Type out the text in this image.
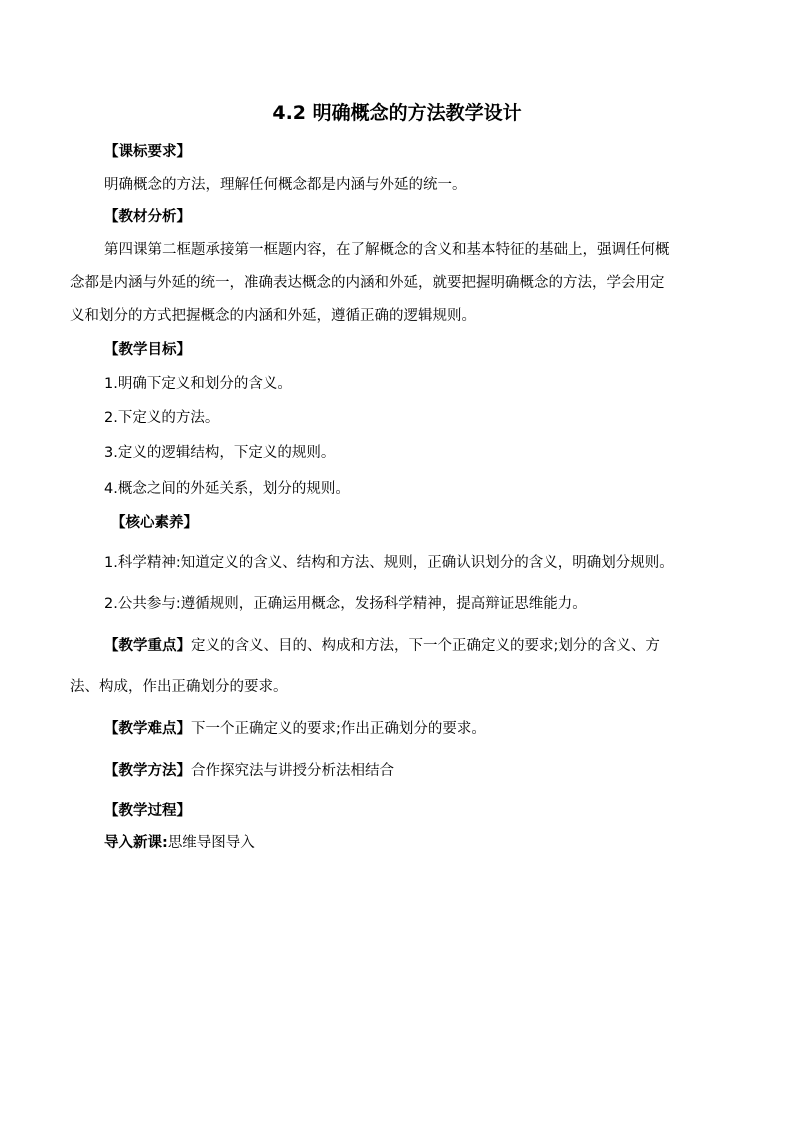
4.2 明确概念的方法教学设计
【课标要求】
明确概念的方法，理解任何概念都是内涵与外延的统一。
【教材分析】
第四课第二框题承接第一框题内容，在了解概念的含义和基本特征的基础上，强调任何概
念都是内涵与外延的统一，准确表达概念的内涵和外延，就要把握明确概念的方法，学会用定
义和划分的方式把握概念的内涵和外延，遵循正确的逻辑规则。
【教学目标】
1.明确下定义和划分的含义。
2.下定义的方法。
3.定义的逻辑结构，下定义的规则。
4.概念之间的外延关系，划分的规则。
【核心素养】
1.科学精神:知道定义的含义、结构和方法、规则，正确认识划分的含义，明确划分规则。
2.公共参与:遵循规则，正确运用概念，发扬科学精神，提高辩证思维能力。
【教学重点】定义的含义、目的、构成和方法，下一个正确定义的要求;划分的含义、方
法、构成，作出正确划分的要求。
【教学难点】下一个正确定义的要求;作出正确划分的要求。
【教学方法】合作探究法与讲授分析法相结合
【教学过程】
导入新课:思维导图导入
